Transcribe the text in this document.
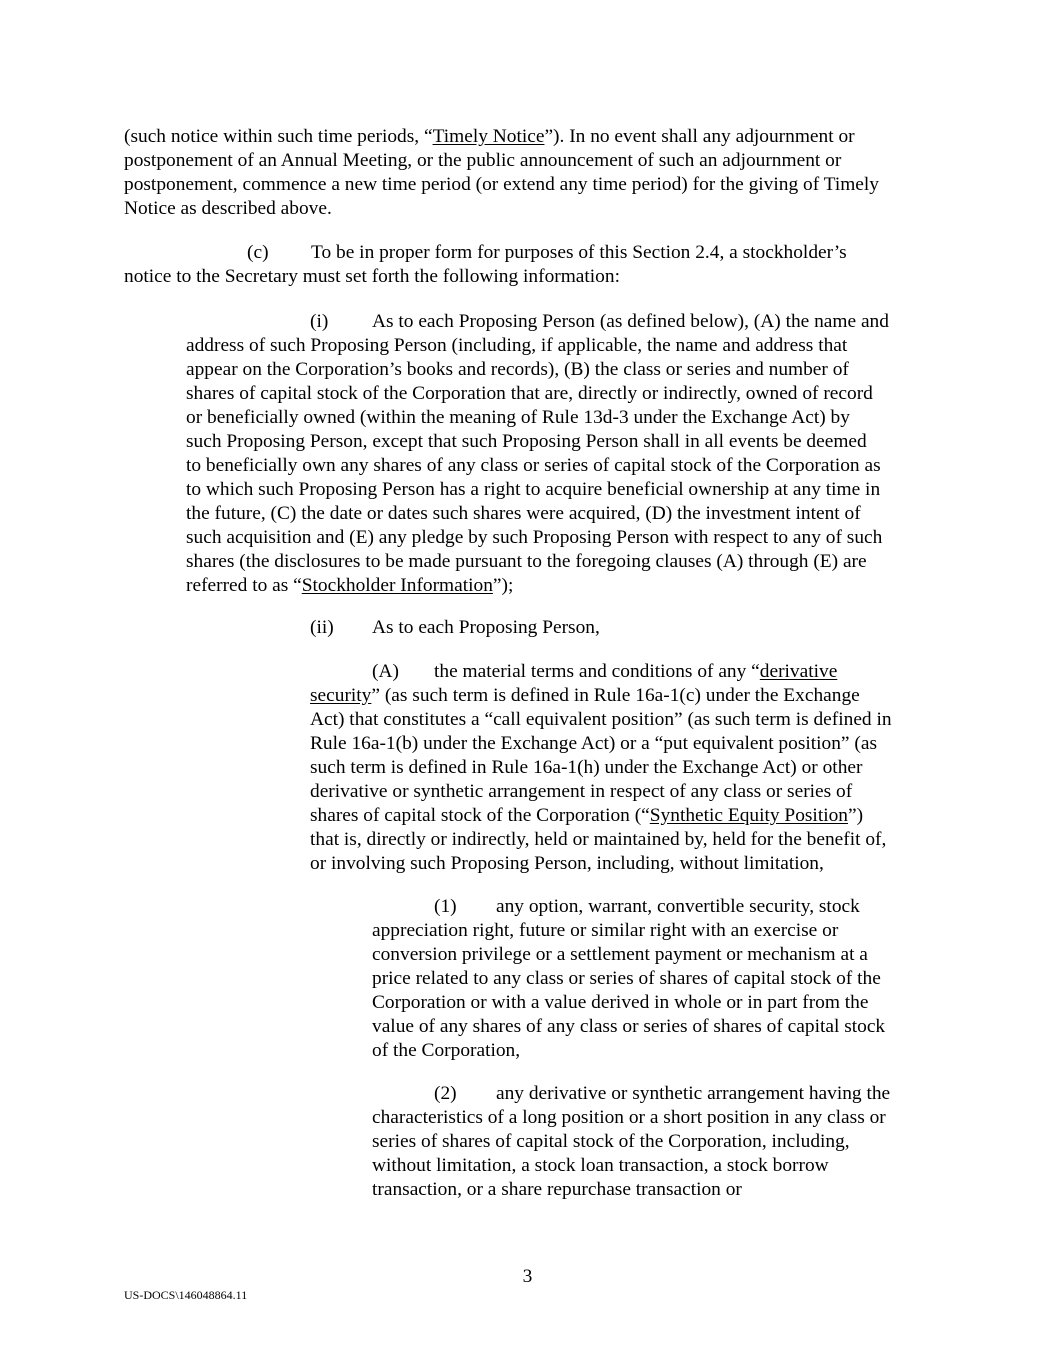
(such notice within such time periods, “Timely Notice”). In no event shall any adjournment or
postponement of an Annual Meeting, or the public announcement of such an adjournment or
postponement, commence a new time period (or extend any time period) for the giving of Timely
Notice as described above.
(c) To be in proper form for purposes of this Section 2.4, a stockholder’s
notice to the Secretary must set forth the following information:
(i) As to each Proposing Person (as defined below), (A) the name and
address of such Proposing Person (including, if applicable, the name and address that
appear on the Corporation’s books and records), (B) the class or series and number of
shares of capital stock of the Corporation that are, directly or indirectly, owned of record
or beneficially owned (within the meaning of Rule 13d-3 under the Exchange Act) by
such Proposing Person, except that such Proposing Person shall in all events be deemed
to beneficially own any shares of any class or series of capital stock of the Corporation as
to which such Proposing Person has a right to acquire beneficial ownership at any time in
the future, (C) the date or dates such shares were acquired, (D) the investment intent of
such acquisition and (E) any pledge by such Proposing Person with respect to any of such
shares (the disclosures to be made pursuant to the foregoing clauses (A) through (E) are
referred to as “Stockholder Information”);
(ii) As to each Proposing Person,
(A) the material terms and conditions of any “derivative
security” (as such term is defined in Rule 16a-1(c) under the Exchange
Act) that constitutes a “call equivalent position” (as such term is defined in
Rule 16a-1(b) under the Exchange Act) or a “put equivalent position” (as
such term is defined in Rule 16a-1(h) under the Exchange Act) or other
derivative or synthetic arrangement in respect of any class or series of
shares of capital stock of the Corporation (“Synthetic Equity Position”)
that is, directly or indirectly, held or maintained by, held for the benefit of,
or involving such Proposing Person, including, without limitation,
(1) any option, warrant, convertible security, stock
appreciation right, future or similar right with an exercise or
conversion privilege or a settlement payment or mechanism at a
price related to any class or series of shares of capital stock of the
Corporation or with a value derived in whole or in part from the
value of any shares of any class or series of shares of capital stock
of the Corporation,
(2) any derivative or synthetic arrangement having the
characteristics of a long position or a short position in any class or
series of shares of capital stock of the Corporation, including,
without limitation, a stock loan transaction, a stock borrow
transaction, or a share repurchase transaction or
3
US-DOCS\146048864.11
